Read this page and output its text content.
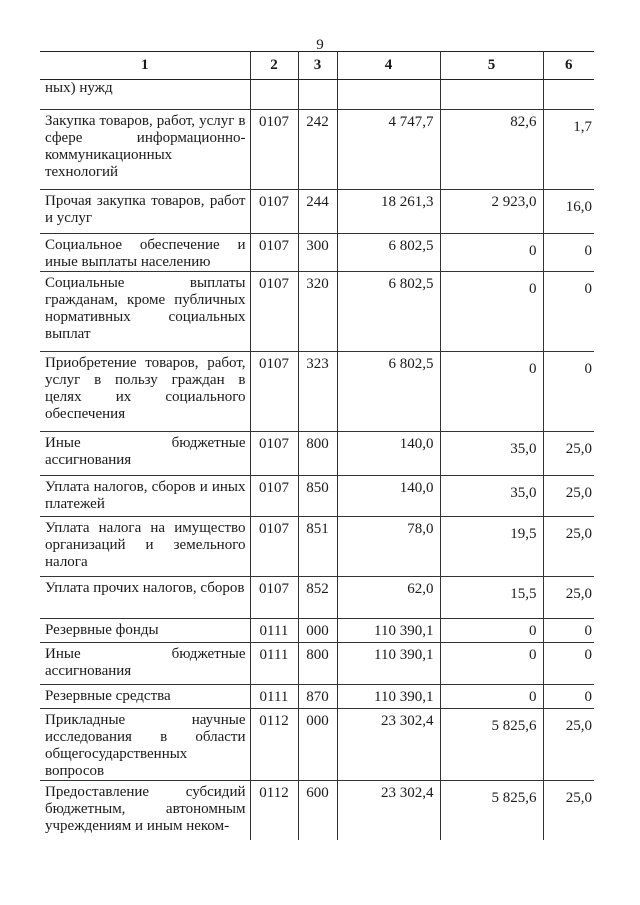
9
1	2	3	4	5	6
ных) нужд					
Закупка товаров, работ, услуг в сфере информационно-коммуникационных технологий	0107	242	4 747,7	82,6	1,7
Прочая закупка товаров, работ и услуг	0107	244	18 261,3	2 923,0	16,0
Социальное обеспечение и иные выплаты населению	0107	300	6 802,5	0	0
Социальные выплаты гражданам, кроме публичных нормативных социальных выплат	0107	320	6 802,5	0	0
Приобретение товаров, работ, услуг в пользу граждан в целях их социального обеспечения	0107	323	6 802,5	0	0
Иные бюджетные ассигнования	0107	800	140,0	35,0	25,0
Уплата налогов, сборов и иных платежей	0107	850	140,0	35,0	25,0
Уплата налога на имущество организаций и земельного налога	0107	851	78,0	19,5	25,0
Уплата прочих налогов, сборов	0107	852	62,0	15,5	25,0
Резервные фонды	0111	000	110 390,1	0	0
Иные бюджетные ассигнования	0111	800	110 390,1	0	0
Резервные средства	0111	870	110 390,1	0	0
Прикладные научные исследования в области общегосударственных вопросов	0112	000	23 302,4	5 825,6	25,0
Предоставление субсидий бюджетным, автономным учреждениям и иным неком-	0112	600	23 302,4	5 825,6	25,0
